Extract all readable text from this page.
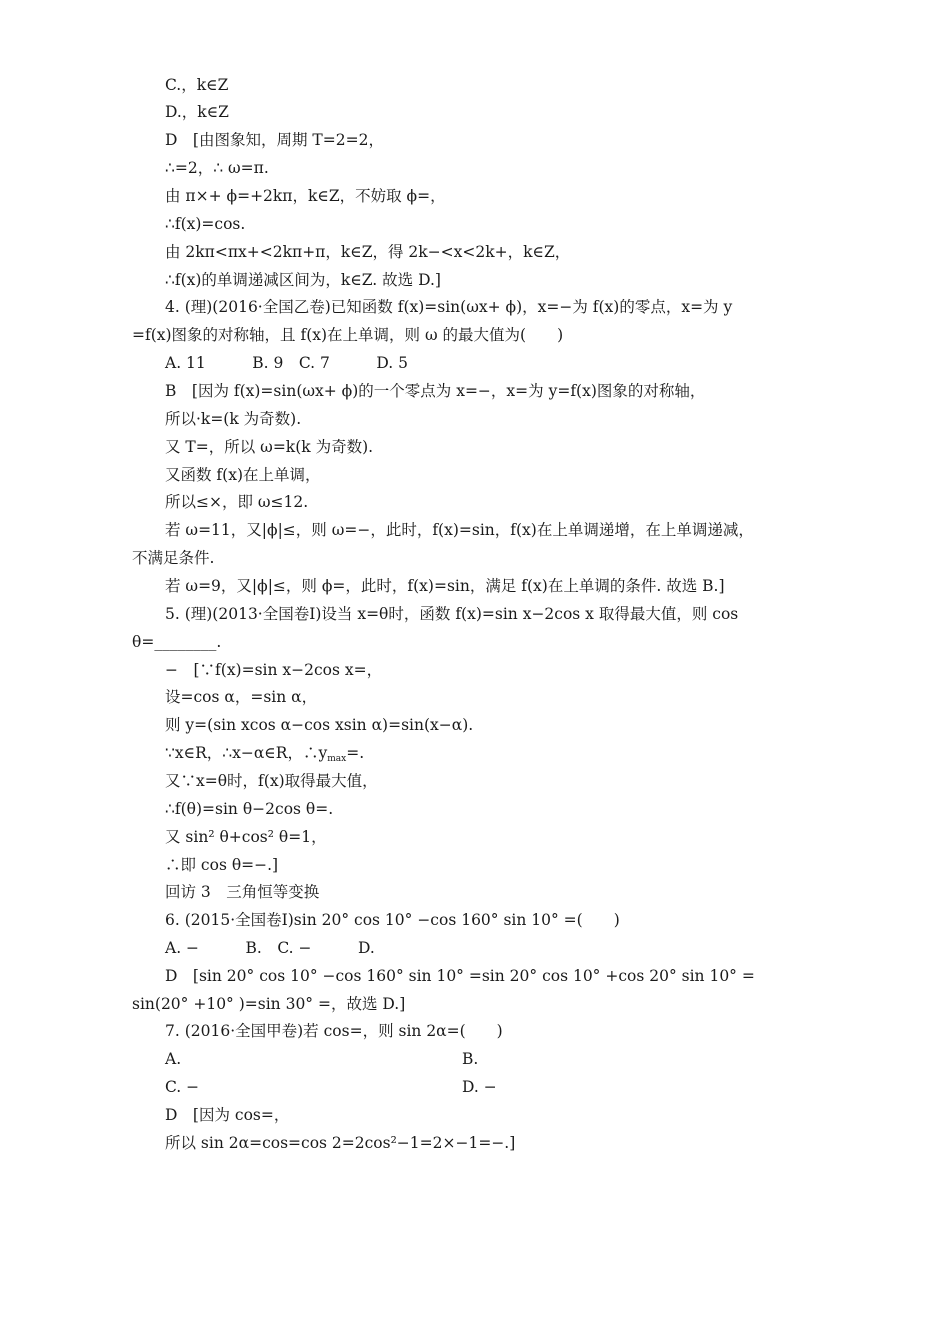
C.，k∈Z
D.，k∈Z
D　[由图象知，周期 T=2=2，
∴=2，∴ ω=π.
由 π×+ ϕ=+2kπ，k∈Z，不妨取 ϕ=，
∴f(x)=cos.
由 2kπ<πx+<2kπ+π，k∈Z，得 2k−<x<2k+，k∈Z，
∴f(x)的单调递减区间为，k∈Z. 故选 D.]
4. (理)(2016·全国乙卷)已知函数 f(x)=sin(ωx+ ϕ)，x=−为 f(x)的零点，x=为 y
=f(x)图象的对称轴，且 f(x)在上单调，则 ω 的最大值为(　　)
A. 11　　　B. 9　C. 7　　　D. 5
B　[因为 f(x)=sin(ωx+ ϕ)的一个零点为 x=−，x=为 y=f(x)图象的对称轴，
所以·k=(k 为奇数).
又 T=，所以 ω=k(k 为奇数).
又函数 f(x)在上单调，
所以≤×，即 ω≤12.
若 ω=11，又|ϕ|≤，则 ω=−，此时，f(x)=sin，f(x)在上单调递增，在上单调递减，
不满足条件.
若 ω=9，又|ϕ|≤，则 ϕ=，此时，f(x)=sin，满足 f(x)在上单调的条件. 故选 B.]
5. (理)(2013·全国卷Ⅰ)设当 x=θ时，函数 f(x)=sin x−2cos x 取得最大值，则 cos
θ=________.
−　[∵f(x)=sin x−2cos x=，
设=cos α，=sin α，
则 y=(sin xcos α−cos xsin α)=sin(x−α).
∵x∈R，∴x−α∈R，∴ymax=.
又∵x=θ时，f(x)取得最大值，
∴f(θ)=sin θ−2cos θ=.
又 sin² θ+cos² θ=1，
∴即 cos θ=−.]
回访 3　三角恒等变换
6. (2015·全国卷Ⅰ)sin 20° cos 10° −cos 160° sin 10° =(　　)
A. −　　　B.　C. −　　　D.
D　[sin 20° cos 10° −cos 160° sin 10° =sin 20° cos 10° +cos 20° sin 10° =
sin(20° +10° )=sin 30° =，故选 D.]
7. (2016·全国甲卷)若 cos=，则 sin 2α=(　　)
A.	B.
C. −	D. −
D　[因为 cos=，
所以 sin 2α=cos=cos 2=2cos²−1=2×−1=−.]
